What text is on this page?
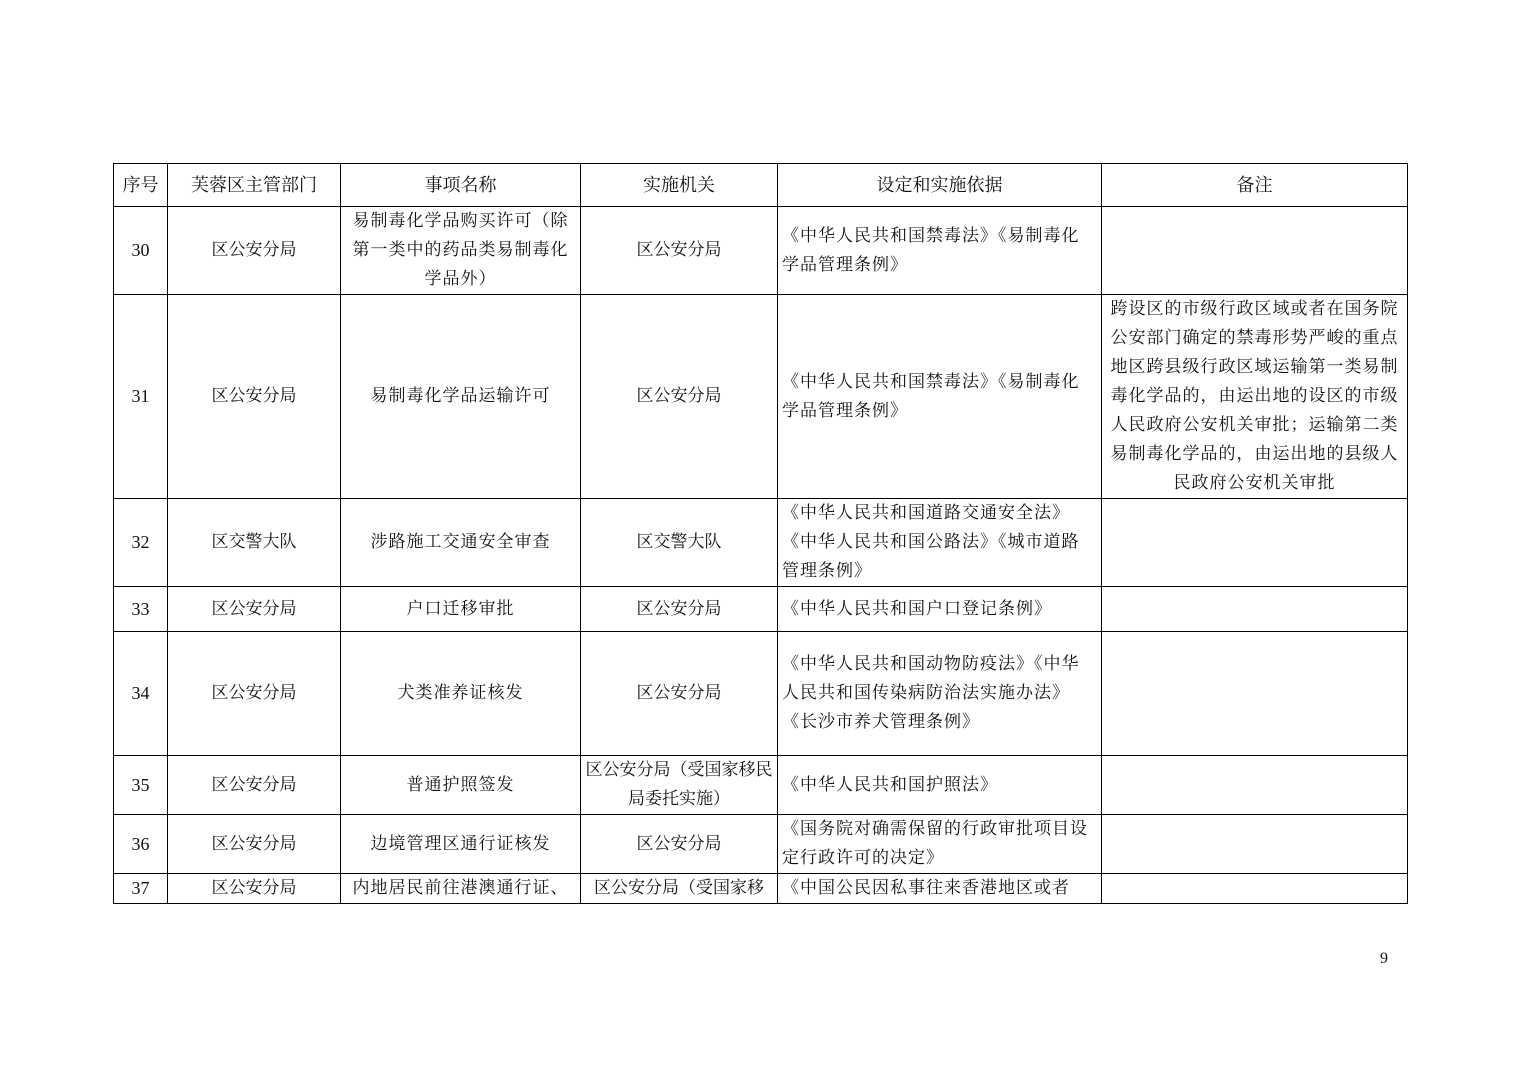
序号	芙蓉区主管部门	事项名称	实施机关	设定和实施依据	备注
30	区公安分局	易制毒化学品购买许可（除第一类中的药品类易制毒化学品外）	区公安分局	《中华人民共和国禁毒法》《易制毒化学品管理条例》	
31	区公安分局	易制毒化学品运输许可	区公安分局	《中华人民共和国禁毒法》《易制毒化学品管理条例》	跨设区的市级行政区域或者在国务院公安部门确定的禁毒形势严峻的重点地区跨县级行政区域运输第一类易制毒化学品的，由运出地的设区的市级人民政府公安机关审批；运输第二类易制毒化学品的，由运出地的县级人民政府公安机关审批
32	区交警大队	涉路施工交通安全审查	区交警大队	《中华人民共和国道路交通安全法》《中华人民共和国公路法》《城市道路管理条例》	
33	区公安分局	户口迁移审批	区公安分局	《中华人民共和国户口登记条例》	
34	区公安分局	犬类准养证核发	区公安分局	《中华人民共和国动物防疫法》《中华人民共和国传染病防治法实施办法》《长沙市养犬管理条例》	
35	区公安分局	普通护照签发	区公安分局（受国家移民局委托实施）	《中华人民共和国护照法》	
36	区公安分局	边境管理区通行证核发	区公安分局	《国务院对确需保留的行政审批项目设定行政许可的决定》	
37	区公安分局	内地居民前往港澳通行证、	区公安分局（受国家移	《中国公民因私事往来香港地区或者	
9
